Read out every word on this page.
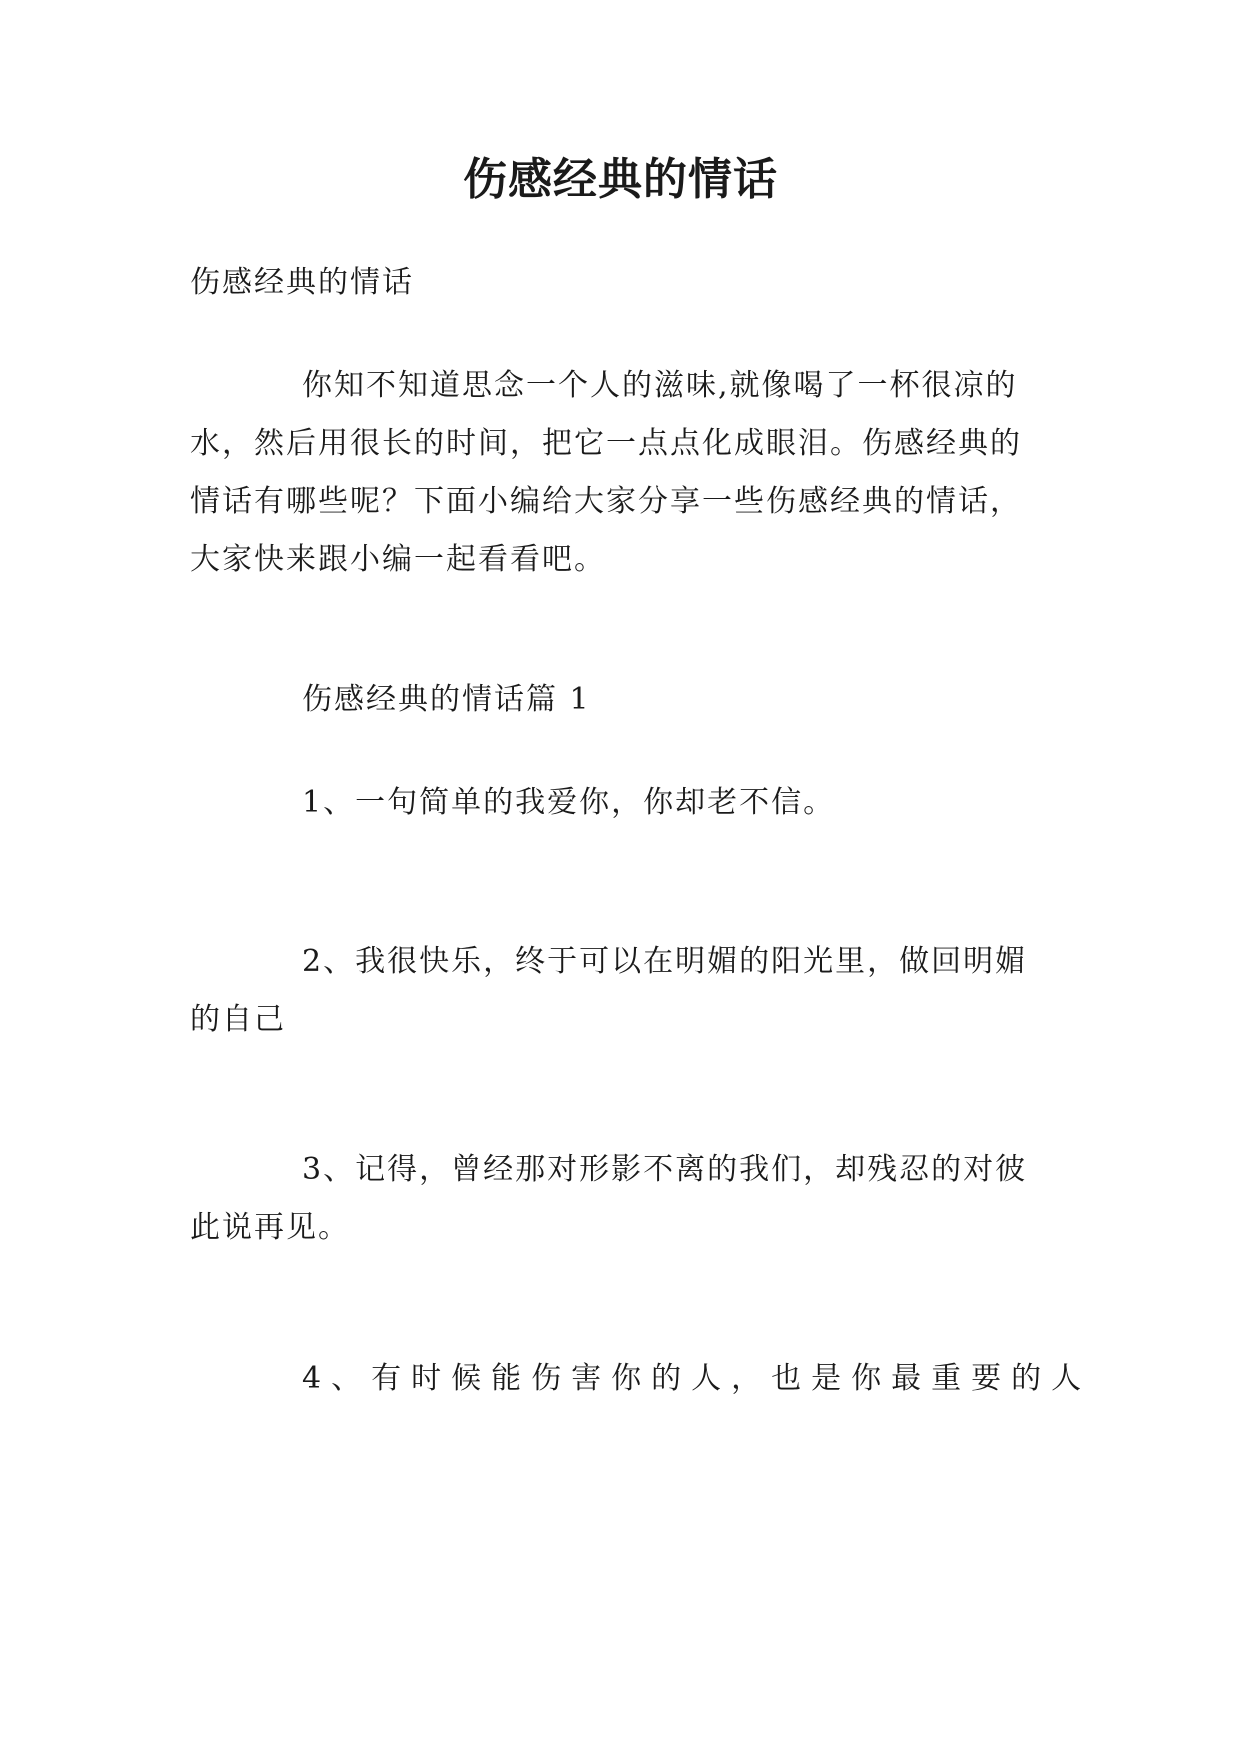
伤感经典的情话
伤感经典的情话
你知不知道思念一个人的滋味,就像喝了一杯很凉的
水，然后用很长的时间，把它一点点化成眼泪。伤感经典的
情话有哪些呢？下面小编给大家分享一些伤感经典的情话，
大家快来跟小编一起看看吧。
伤感经典的情话篇 1
1、一句简单的我爱你，你却老不信。
2、我很快乐，终于可以在明媚的阳光里，做回明媚
的自己
3、记得，曾经那对形影不离的我们，却残忍的对彼
此说再见。
4、有时候能伤害你的人，也是你最重要的人
